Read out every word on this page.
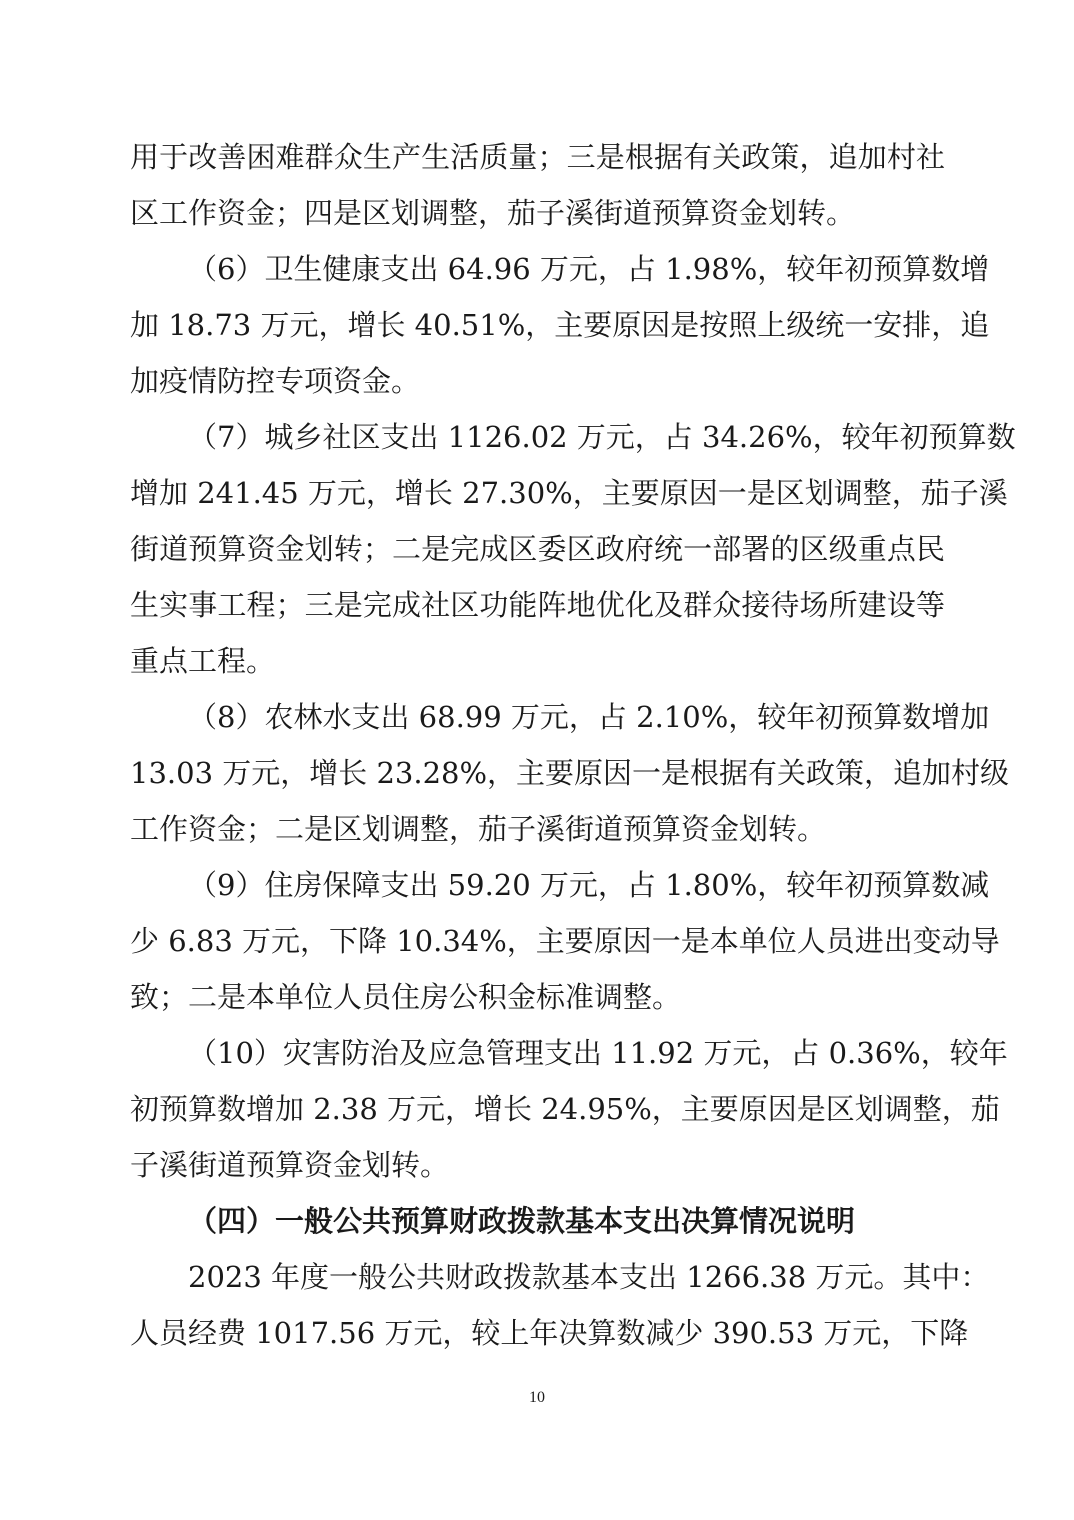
用于改善困难群众生产生活质量；三是根据有关政策，追加村社
区工作资金；四是区划调整，茄子溪街道预算资金划转。
（6）卫生健康支出 64.96 万元，占 1.98%，较年初预算数增
加 18.73 万元，增长 40.51%，主要原因是按照上级统一安排，追
加疫情防控专项资金。
（7）城乡社区支出 1126.02 万元，占 34.26%，较年初预算数
增加 241.45 万元，增长 27.30%，主要原因一是区划调整，茄子溪
街道预算资金划转；二是完成区委区政府统一部署的区级重点民
生实事工程；三是完成社区功能阵地优化及群众接待场所建设等
重点工程。
（8）农林水支出 68.99 万元，占 2.10%，较年初预算数增加
13.03 万元，增长 23.28%，主要原因一是根据有关政策，追加村级
工作资金；二是区划调整，茄子溪街道预算资金划转。
（9）住房保障支出 59.20 万元，占 1.80%，较年初预算数减
少 6.83 万元，下降 10.34%，主要原因一是本单位人员进出变动导
致；二是本单位人员住房公积金标准调整。
（10）灾害防治及应急管理支出 11.92 万元，占 0.36%，较年
初预算数增加 2.38 万元，增长 24.95%，主要原因是区划调整，茄
子溪街道预算资金划转。
（四）一般公共预算财政拨款基本支出决算情况说明
2023 年度一般公共财政拨款基本支出 1266.38 万元。其中：
人员经费 1017.56 万元，较上年决算数减少 390.53 万元，下降
10
